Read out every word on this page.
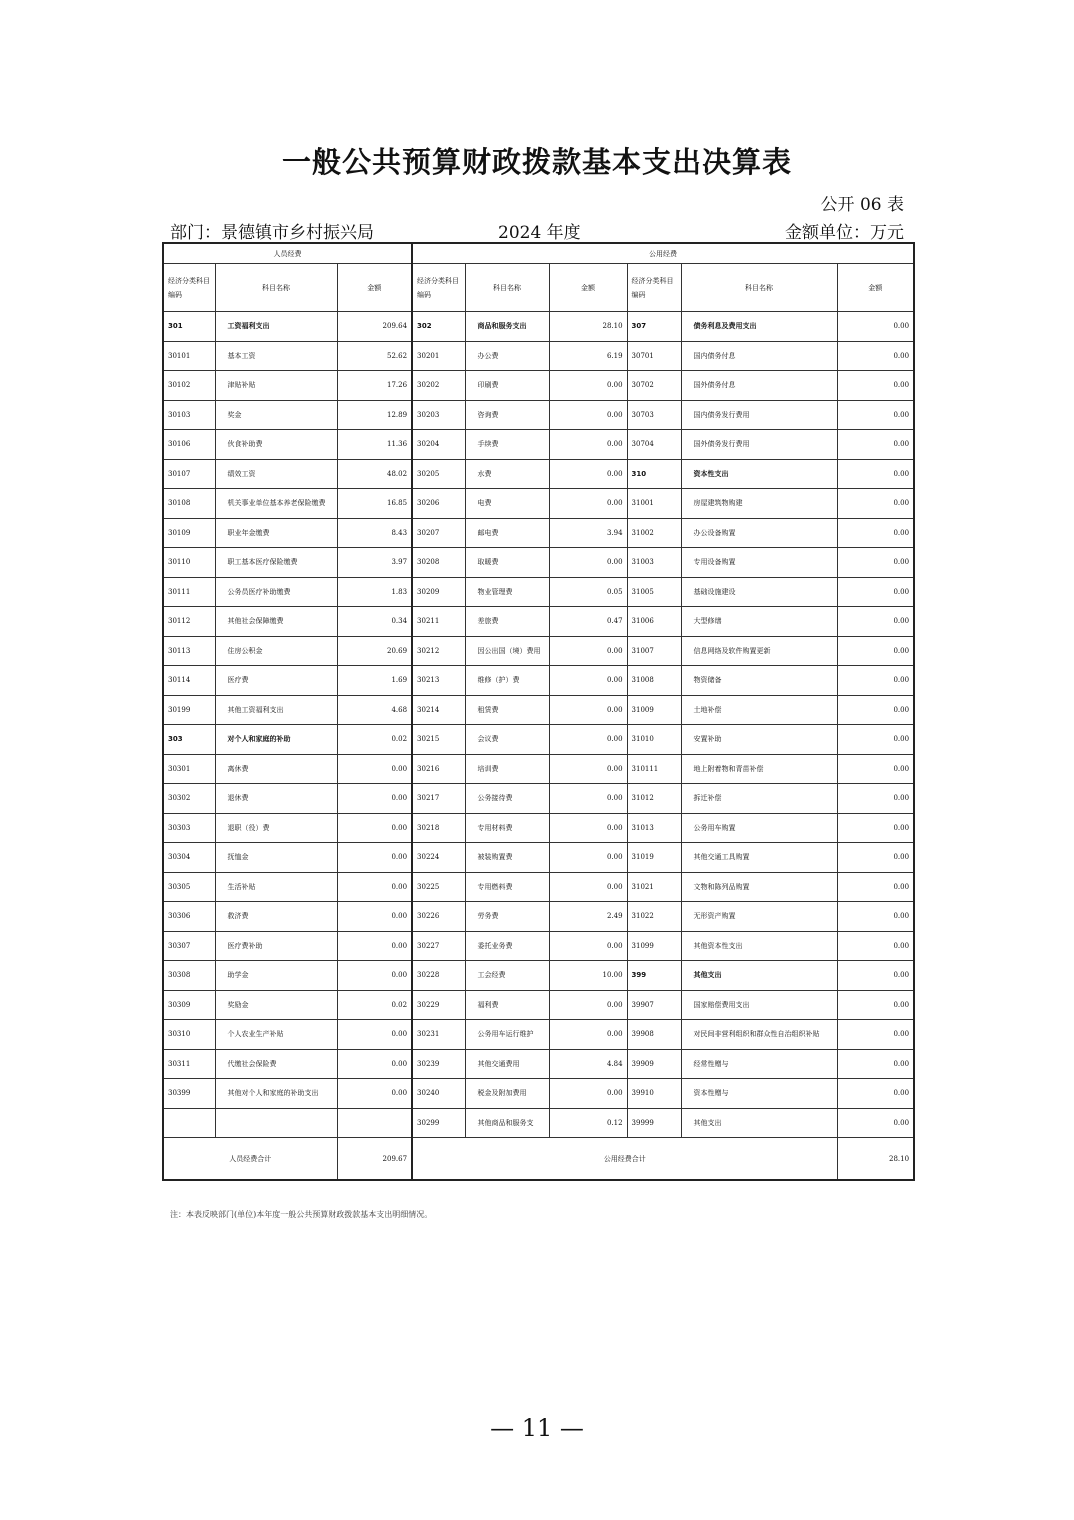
一般公共预算财政拨款基本支出决算表
公开 06 表
部门：景德镇市乡村振兴局	2024 年度	金额单位：万元
人员经费			公用经费					
经济分类科目编码	科目名称	金额	经济分类科目编码	科目名称	金额	经济分类科目编码	科目名称	金额
301	工资福利支出	209.64	302	商品和服务支出	28.10	307	债务利息及费用支出	0.00
30101	基本工资	52.62	30201	办公费	6.19	30701	国内债务付息	0.00
30102	津贴补贴	17.26	30202	印刷费	0.00	30702	国外债务付息	0.00
30103	奖金	12.89	30203	咨询费	0.00	30703	国内债务发行费用	0.00
30106	伙食补助费	11.36	30204	手续费	0.00	30704	国外债务发行费用	0.00
30107	绩效工资	48.02	30205	水费	0.00	310	资本性支出	0.00
30108	机关事业单位基本养老保险缴费	16.85	30206	电费	0.00	31001	房屋建筑物购建	0.00
30109	职业年金缴费	8.43	30207	邮电费	3.94	31002	办公设备购置	0.00
30110	职工基本医疗保险缴费	3.97	30208	取暖费	0.00	31003	专用设备购置	0.00
30111	公务员医疗补助缴费	1.83	30209	物业管理费	0.05	31005	基础设施建设	0.00
30112	其他社会保障缴费	0.34	30211	差旅费	0.47	31006	大型修缮	0.00
30113	住房公积金	20.69	30212	因公出国（境）费用	0.00	31007	信息网络及软件购置更新	0.00
30114	医疗费	1.69	30213	维修（护）费	0.00	31008	物资储备	0.00
30199	其他工资福利支出	4.68	30214	租赁费	0.00	31009	土地补偿	0.00
303	对个人和家庭的补助	0.02	30215	会议费	0.00	31010	安置补助	0.00
30301	离休费	0.00	30216	培训费	0.00	310111	地上附着物和青苗补偿	0.00
30302	退休费	0.00	30217	公务接待费	0.00	31012	拆迁补偿	0.00
30303	退职（役）费	0.00	30218	专用材料费	0.00	31013	公务用车购置	0.00
30304	抚恤金	0.00	30224	被装购置费	0.00	31019	其他交通工具购置	0.00
30305	生活补贴	0.00	30225	专用燃料费	0.00	31021	文物和陈列品购置	0.00
30306	救济费	0.00	30226	劳务费	2.49	31022	无形资产购置	0.00
30307	医疗费补助	0.00	30227	委托业务费	0.00	31099	其他资本性支出	0.00
30308	助学金	0.00	30228	工会经费	10.00	399	其他支出	0.00
30309	奖励金	0.02	30229	福利费	0.00	39907	国家赔偿费用支出	0.00
30310	个人农业生产补贴	0.00	30231	公务用车运行维护	0.00	39908	对民间非营利组织和群众性自治组织补贴	0.00
30311	代缴社会保险费	0.00	30239	其他交通费用	4.84	39909	经常性赠与	0.00
30399	其他对个人和家庭的补助支出	0.00	30240	税金及附加费用	0.00	39910	资本性赠与	0.00
			30299	其他商品和服务支	0.12	39999	其他支出	0.00
人员经费合计		209.67	公用经费合计					28.10
注：本表反映部门(单位)本年度一般公共预算财政拨款基本支出明细情况。
— 11 —
